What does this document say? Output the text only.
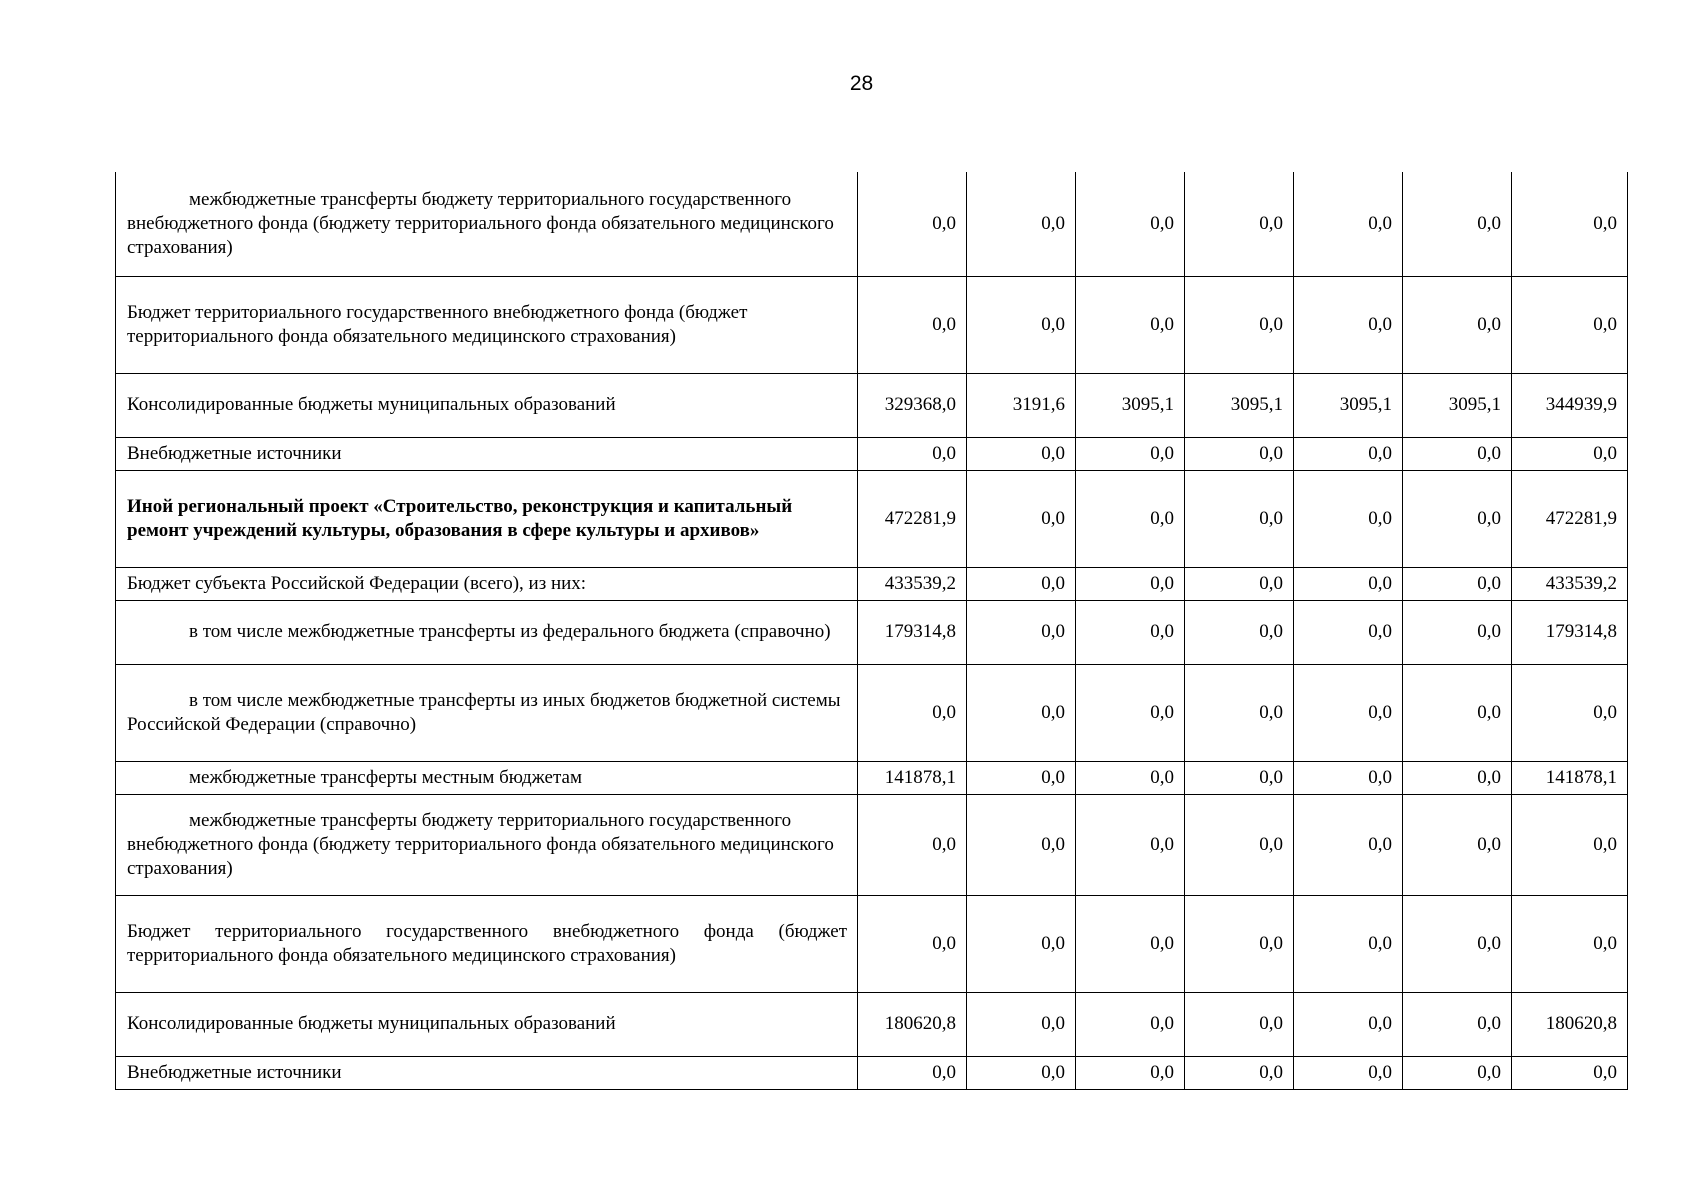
28
межбюджетные трансферты бюджету территориального государственного внебюджетного фонда (бюджету территориального фонда обязательного медицинского страхования)	0,0	0,0	0,0	0,0	0,0	0,0	0,0
Бюджет территориального государственного внебюджетного фонда (бюджет территориального фонда обязательного медицинского страхования)	0,0	0,0	0,0	0,0	0,0	0,0	0,0
Консолидированные бюджеты муниципальных образований	329368,0	3191,6	3095,1	3095,1	3095,1	3095,1	344939,9
Внебюджетные источники	0,0	0,0	0,0	0,0	0,0	0,0	0,0
Иной региональный проект «Строительство, реконструкция и капитальный ремонт учреждений культуры, образования в сфере культуры и архивов»	472281,9	0,0	0,0	0,0	0,0	0,0	472281,9
Бюджет субъекта Российской Федерации (всего), из них:	433539,2	0,0	0,0	0,0	0,0	0,0	433539,2
в том числе межбюджетные трансферты из федерального бюджета (справочно)	179314,8	0,0	0,0	0,0	0,0	0,0	179314,8
в том числе межбюджетные трансферты из иных бюджетов бюджетной системы Российской Федерации (справочно)	0,0	0,0	0,0	0,0	0,0	0,0	0,0
межбюджетные трансферты местным бюджетам	141878,1	0,0	0,0	0,0	0,0	0,0	141878,1
межбюджетные трансферты бюджету территориального государственного внебюджетного фонда (бюджету территориального фонда обязательного медицинского страхования)	0,0	0,0	0,0	0,0	0,0	0,0	0,0
Бюджет территориального государственного внебюджетного фонда (бюджет территориального фонда обязательного медицинского страхования)	0,0	0,0	0,0	0,0	0,0	0,0	0,0
Консолидированные бюджеты муниципальных образований	180620,8	0,0	0,0	0,0	0,0	0,0	180620,8
Внебюджетные источники	0,0	0,0	0,0	0,0	0,0	0,0	0,0
